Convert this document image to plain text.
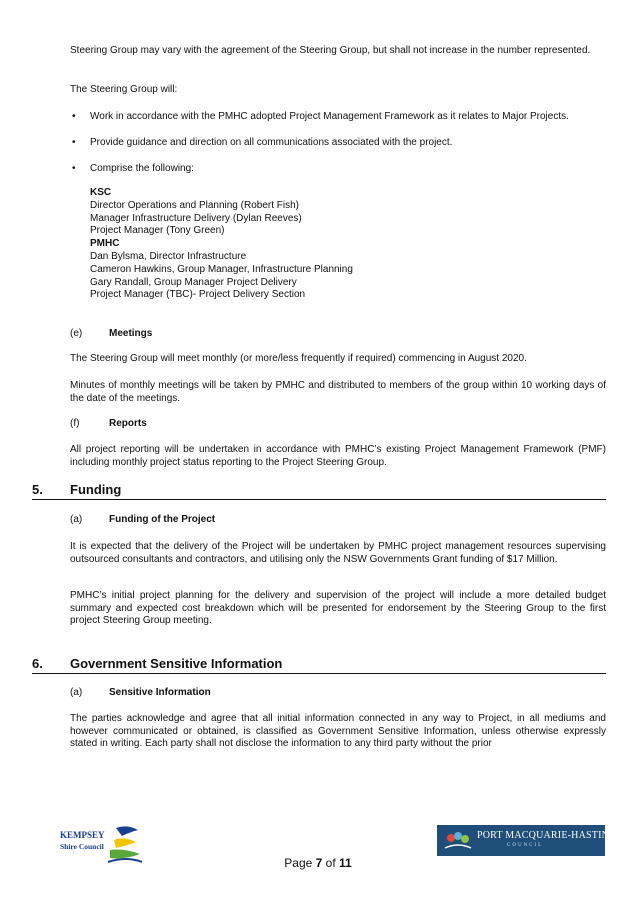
Steering Group may vary with the agreement of the Steering Group, but shall not increase in the number represented.

The Steering Group will:

• Work in accordance with the PMHC adopted Project Management Framework as it relates to Major Projects.
• Provide guidance and direction on all communications associated with the project.
• Comprise the following:

KSC

Director Operations and Planning (Robert Fish)

Manager Infrastructure Delivery (Dylan Reeves)

Project Manager (Tony Green)

PMHC

Dan Bylsma, Director Infrastructure

Cameron Hawkins, Group Manager, Infrastructure Planning

Gary Randall, Group Manager Project Delivery

Project Manager (TBC)- Project Delivery Section

(e)	Meetings

The Steering Group will meet monthly (or more/less frequently if required) commencing in August 2020.

Minutes of monthly meetings will be taken by PMHC and distributed to members of the group within 10 working days of the date of the meetings.

(f)	Reports

All project reporting will be undertaken in accordance with PMHC’s existing Project Management Framework (PMF) including monthly project status reporting to the Project Steering Group.

5. Funding
(a)	Funding of the Project

It is expected that the delivery of the Project will be undertaken by PMHC project management resources supervising outsourced consultants and contractors, and utilising only the NSW Governments Grant funding of $17 Million.

PMHC’s initial project planning for the delivery and supervision of the project will include a more detailed budget summary and expected cost breakdown which will be presented for endorsement by the Steering Group to the first project Steering Group meeting.

6. Government Sensitive Information
(a)	Sensitive Information

The parties acknowledge and agree that all initial information connected in any way to Project, in all mediums and however communicated or obtained, is classified as Government Sensitive Information, unless otherwise expressly stated in writing. Each party shall not disclose the information to any third party without the prior

KEMPSEY
Shire Council
PORT MACQUARIE-HASTINGS
COUNCIL
Page 7 of 11
